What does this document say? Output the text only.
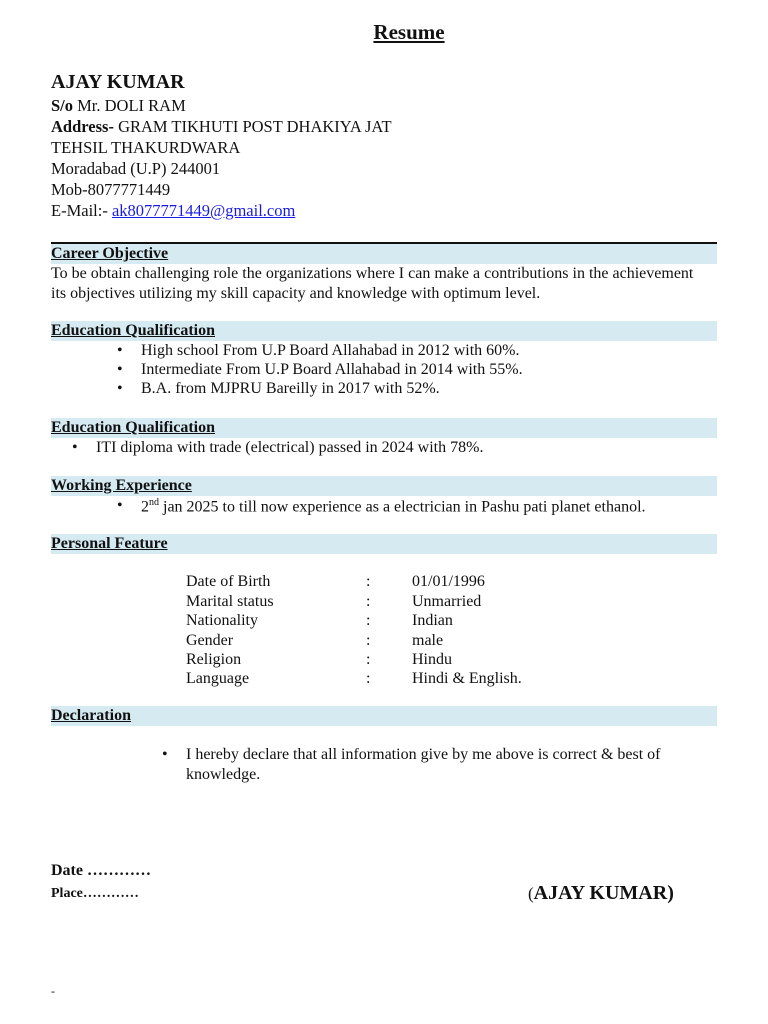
Resume
AJAY KUMAR
S/o Mr. DOLI RAM
Address- GRAM TIKHUTI POST DHAKIYA JAT
TEHSIL THAKURDWARA
Moradabad (U.P) 244001
Mob-8077771449
E-Mail:- ak8077771449@gmail.com
Career Objective
To be obtain challenging role the organizations where I can make a contributions in the achievement
its objectives utilizing my skill capacity and knowledge with optimum level.
Education Qualification
• High school From U.P Board Allahabad in 2012 with 60%.
• Intermediate From U.P Board Allahabad in 2014 with 55%.
• B.A. from MJPRU Bareilly in 2017 with 52%.
Education Qualification
• ITI diploma with trade (electrical) passed in 2024 with 78%.
Working Experience
• 2nd jan 2025 to till now experience as a electrician in Pashu pati planet ethanol.
Personal Feature
Date of Birth	:	01/01/1996
Marital status	:	Unmarried
Nationality	:	Indian
Gender	:	male
Religion	:	Hindu
Language	:	Hindi & English.
Declaration
• I hereby declare that all information give by me above is correct & best of
knowledge.
Date …………
Place…………	(AJAY KUMAR)
-
